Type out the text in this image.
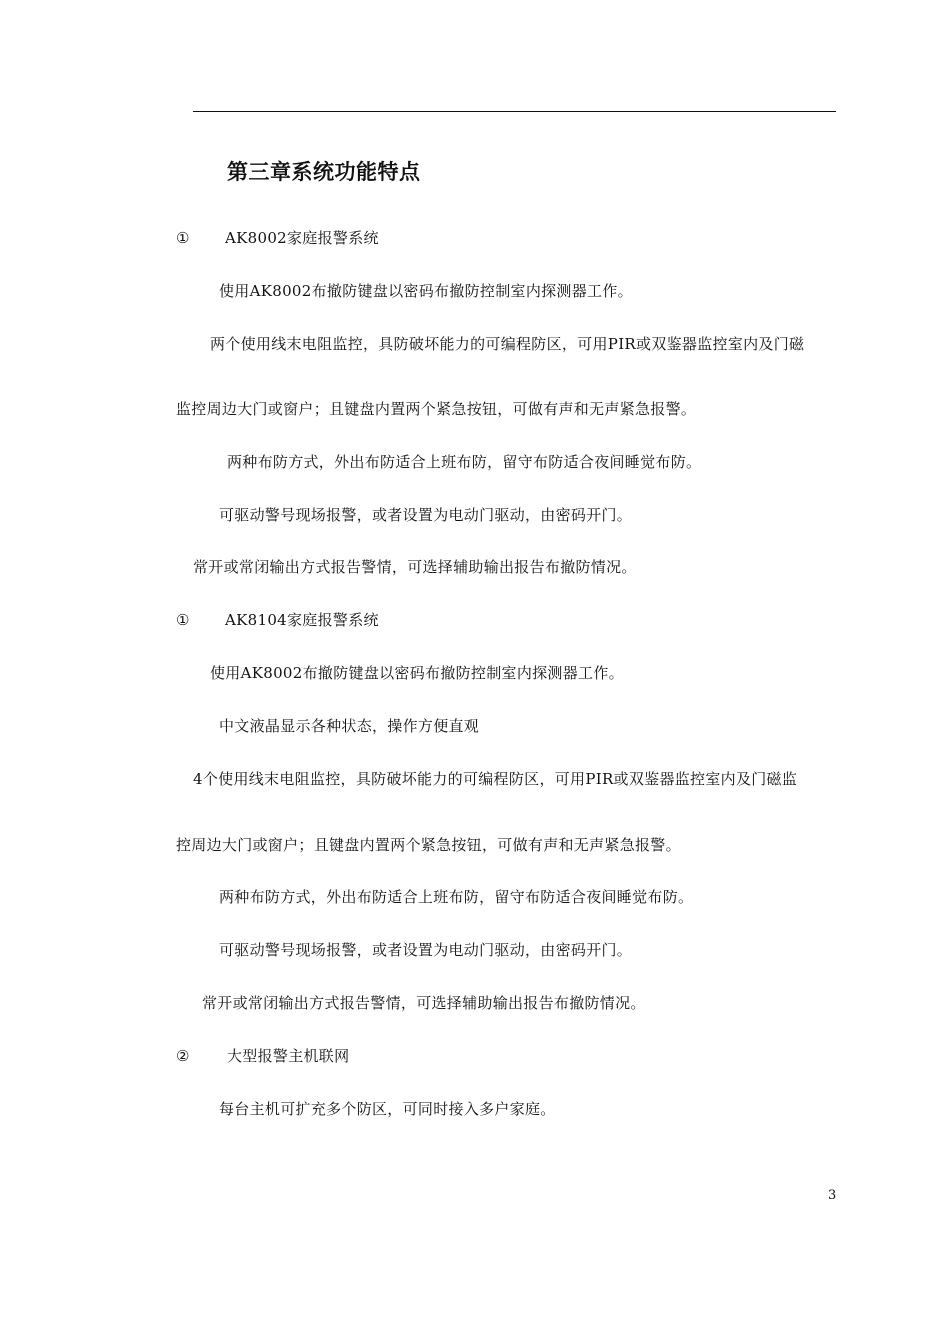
第三章系统功能特点
① AK8002家庭报警系统
使用AK8002布撤防键盘以密码布撤防控制室内探测器工作。
两个使用线末电阻监控，具防破坏能力的可编程防区，可用PIR或双鉴器监控室内及门磁
监控周边大门或窗户；且键盘内置两个紧急按钮，可做有声和无声紧急报警。
两种布防方式，外出布防适合上班布防，留守布防适合夜间睡觉布防。
可驱动警号现场报警，或者设置为电动门驱动，由密码开门。
常开或常闭输出方式报告警情，可选择辅助输出报告布撤防情况。
① AK8104家庭报警系统
使用AK8002布撤防键盘以密码布撤防控制室内探测器工作。
中文液晶显示各种状态，操作方便直观
4个使用线末电阻监控，具防破坏能力的可编程防区，可用PIR或双鉴器监控室内及门磁监
控周边大门或窗户；且键盘内置两个紧急按钮，可做有声和无声紧急报警。
两种布防方式，外出布防适合上班布防，留守布防适合夜间睡觉布防。
可驱动警号现场报警，或者设置为电动门驱动，由密码开门。
常开或常闭输出方式报告警情，可选择辅助输出报告布撤防情况。
②	大型报警主机联网
每台主机可扩充多个防区，可同时接入多户家庭。
3
